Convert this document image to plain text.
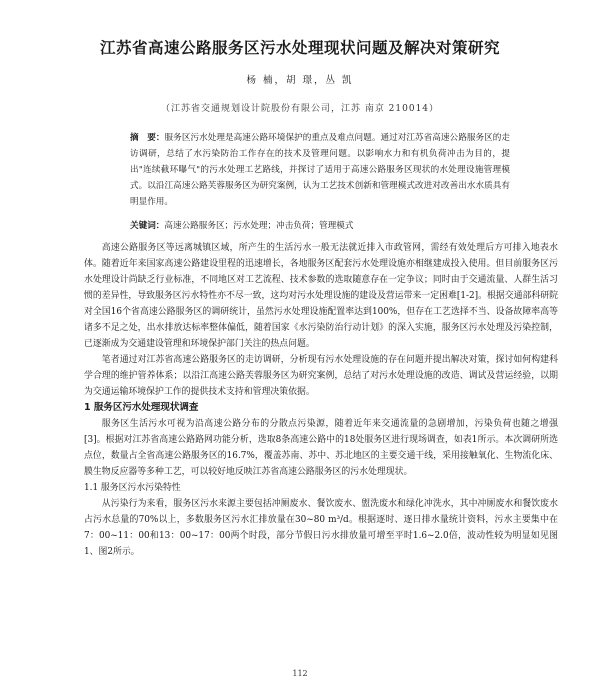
江苏省高速公路服务区污水处理现状问题及解决对策研究
杨 楠，胡 璟，丛 凯
（江苏省交通规划设计院股份有限公司，江苏 南京 210014）
摘　要：服务区污水处理是高速公路环境保护的重点及难点问题。通过对江苏省高速公路服务区的走访调研，总结了水污染防治工作存在的技术及管理问题。以影响水力和有机负荷冲击为目的，提出"连续截环曝气"的污水处理工艺路线，并探讨了适用于高速公路服务区现状的水处理设施管理模式。以沿江高速公路芙蓉服务区为研究案例，认为工艺技术创新和管理模式改进对改善出水水质具有明显作用。
关键词：高速公路服务区；污水处理；冲击负荷；管理模式

高速公路服务区等远离城镇区域，所产生的生活污水一般无法就近排入市政管网，需经有效处理后方可排入地表水体。随着近年来国家高速公路建设里程的迅速增长，各地服务区配套污水处理设施亦相继建成投入使用。但目前服务区污水处理设计尚缺乏行业标准，不同地区对工艺流程、技术参数的选取随意存在一定争议；同时由于交通流量、人群生活习惯的差异性，导致服务区污水特性亦不尽一致，这均对污水处理设施的建设及营运带来一定困难[1-2]。根据交通部科研院对全国16个省高速公路服务区的调研统计，虽然污水处理设施配置率达到100%，但存在工艺选择不当、设备故障率高等诸多不足之处，出水排放达标率整体偏低，随着国家《水污染防治行动计划》的深入实施，服务区污水处理及污染控制，已逐渐成为交通建设管理和环境保护部门关注的热点问题。

笔者通过对江苏省高速公路服务区的走访调研，分析现有污水处理设施的存在问题并提出解决对策，探讨如何构建科学合理的维护管养体系；以沿江高速公路芙蓉服务区为研究案例，总结了对污水处理设施的改造、调试及营运经验，以期为交通运输环境保护工作的提供技术支持和管理决策依据。

1 服务区污水处理现状调查

服务区生活污水可视为沿高速公路分布的分散点污染源，随着近年来交通流量的急剧增加，污染负荷也随之增强[3]。根据对江苏省高速公路路网功能分析，选取8条高速公路中的18处服务区进行现场调查，如表1所示。本次调研所选点位，数量占全省高速公路服务区的16.7%，覆盖苏南、苏中、苏北地区的主要交通干线，采用接触氧化、生物流化床、膜生物反应器等多种工艺，可以较好地反映江苏省高速公路服务区的污水处理现状。

1.1 服务区污水污染特性

从污染行为来看，服务区污水来源主要包括冲厕废水、餐饮废水、盥洗废水和绿化冲洗水，其中冲厕废水和餐饮废水占污水总量的70%以上，多数服务区污水汇排放量在30~80 m³/d。根据逐时、逐日排水量统计资料，污水主要集中在7：00~11：00和13：00~17：00两个时段，部分节假日污水排放量可增至平时1.6~2.0倍，波动性较为明显如见图1、图2所示。

112
